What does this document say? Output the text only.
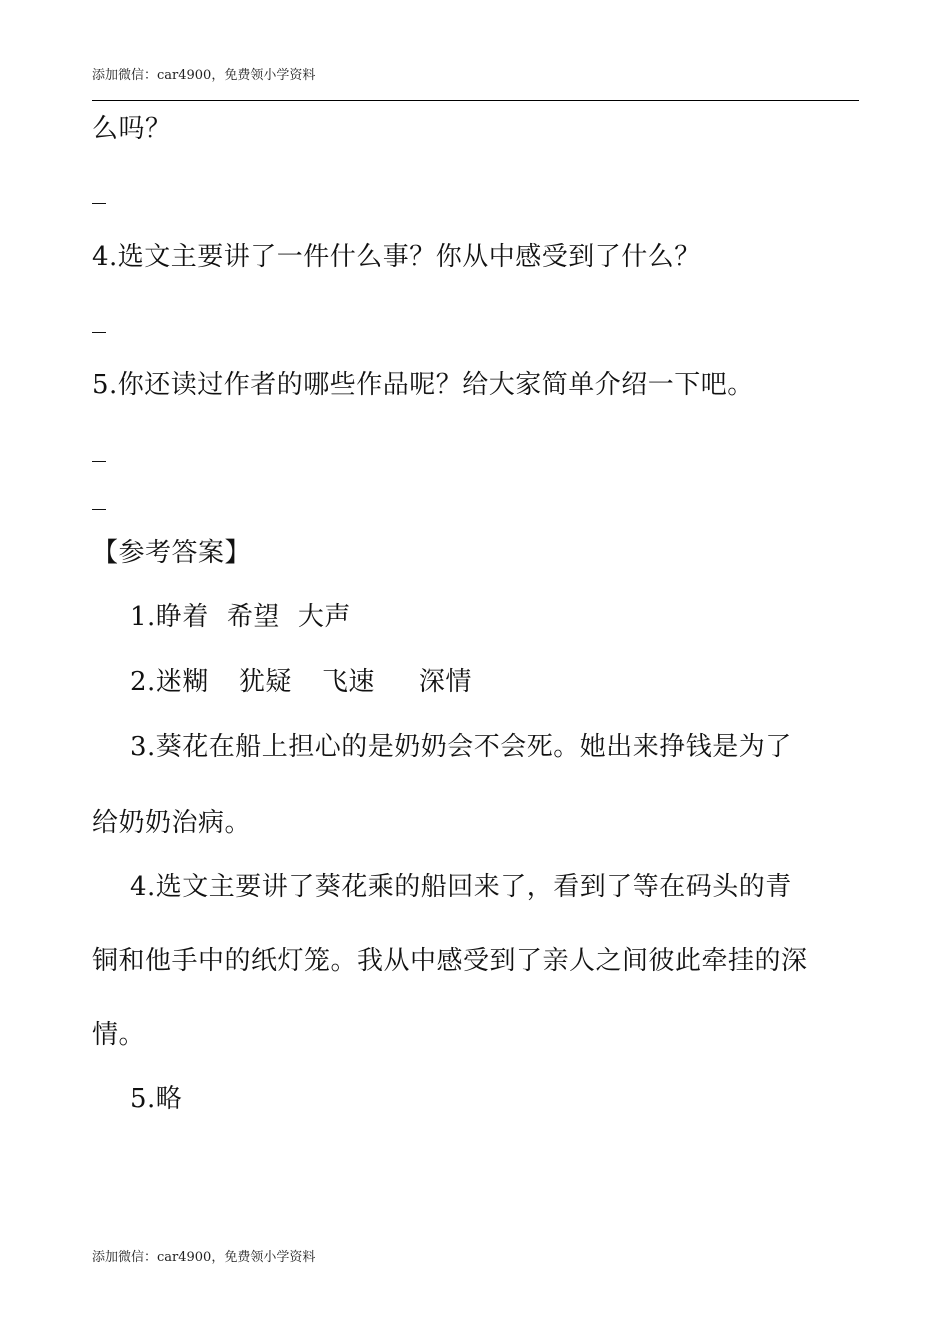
添加微信：car4900，免费领小学资料
么吗？
4.选文主要讲了一件什么事？你从中感受到了什么？
5.你还读过作者的哪些作品呢？给大家简单介绍一下吧。
【参考答案】
1.睁着 希望 大声
2.迷糊 犹疑 飞速 深情
3.葵花在船上担心的是奶奶会不会死。她出来挣钱是为了
给奶奶治病。
4.选文主要讲了葵花乘的船回来了，看到了等在码头的青
铜和他手中的纸灯笼。我从中感受到了亲人之间彼此牵挂的深
情。
5.略
添加微信：car4900，免费领小学资料
